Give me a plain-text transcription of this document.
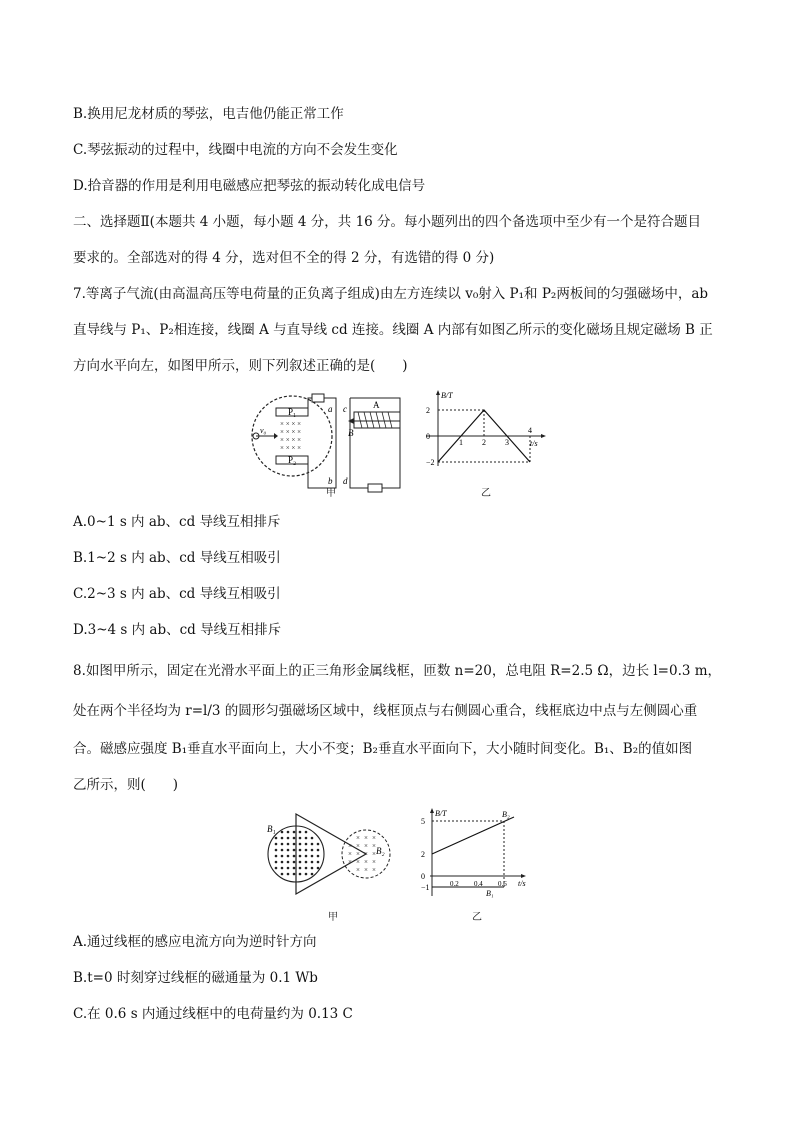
B.换用尼龙材质的琴弦，电吉他仍能正常工作
C.琴弦振动的过程中，线圈中电流的方向不会发生变化
D.拾音器的作用是利用电磁感应把琴弦的振动转化成电信号
二、选择题Ⅱ(本题共 4 小题，每小题 4 分，共 16 分。每小题列出的四个备选项中至少有一个是符合题目
要求的。全部选对的得 4 分，选对但不全的得 2 分，有选错的得 0 分)
7.等离子气流(由高温高压等电荷量的正负离子组成)由左方连续以 v₀射入 P₁和 P₂两板间的匀强磁场中，ab
直导线与 P₁、P₂相连接，线圈 A 与直导线 cd 连接。线圈 A 内部有如图乙所示的变化磁场且规定磁场 B 正
方向水平向左，如图甲所示，则下列叙述正确的是(　　)
P₁
P₂
× × × ×
× × × ×
× × × ×
× × × ×
v₀
a
b
A
B
c
d
甲
B/T
t/s
2
0
−2
1 2 3
4
乙
A.0~1 s 内 ab、cd 导线互相排斥
B.1~2 s 内 ab、cd 导线互相吸引
C.2~3 s 内 ab、cd 导线互相吸引
D.3~4 s 内 ab、cd 导线互相排斥
8.如图甲所示，固定在光滑水平面上的正三角形金属线框，匝数 n=20，总电阻 R=2.5 Ω，边长 l=0.3 m，
处在两个半径均为 r=l/3 的圆形匀强磁场区域中，线框顶点与右侧圆心重合，线框底边中点与左侧圆心重
合。磁感应强度 B₁垂直水平面向上，大小不变；B₂垂直水平面向下，大小随时间变化。B₁、B₂的值如图
乙所示，则(　　)
×
×
×
×
×
×
×
×
×
×
×
×
×
×
×
×
×
×
B₁
B₂
甲
B/T
t/s
5
2
0
−1	0.2 0.4 0.6
B₂
B₁
乙
A.通过线框的感应电流方向为逆时针方向
B.t=0 时刻穿过线框的磁通量为 0.1 Wb
C.在 0.6 s 内通过线框中的电荷量约为 0.13 C
